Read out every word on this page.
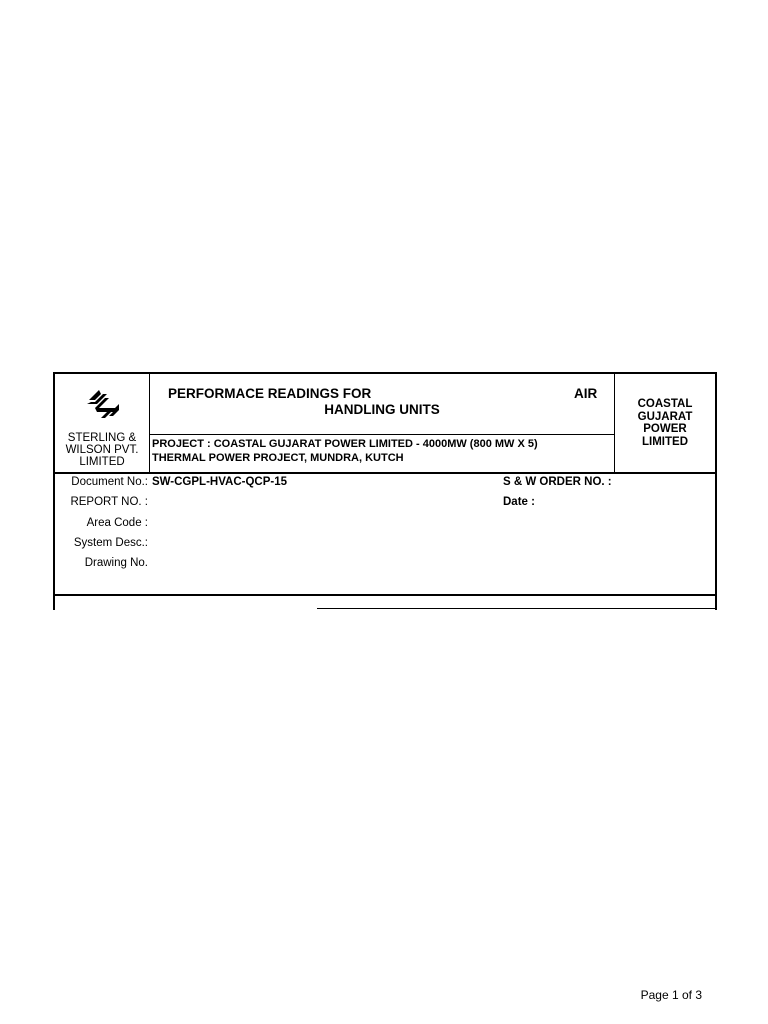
STERLING &
WILSON PVT.
LIMITED
PERFORMACE READINGS FOR	AIR
HANDLING UNITS
PROJECT : COASTAL GUJARAT POWER LIMITED - 4000MW (800 MW X 5)
THERMAL POWER PROJECT, MUNDRA, KUTCH
COASTAL
GUJARAT
POWER
LIMITED
Document No.: SW-CGPL-HVAC-QCP-15
REPORT NO. :
Area Code :
System Desc.:
Drawing No.
S & W ORDER NO. :
Date :
Page 1 of 3
